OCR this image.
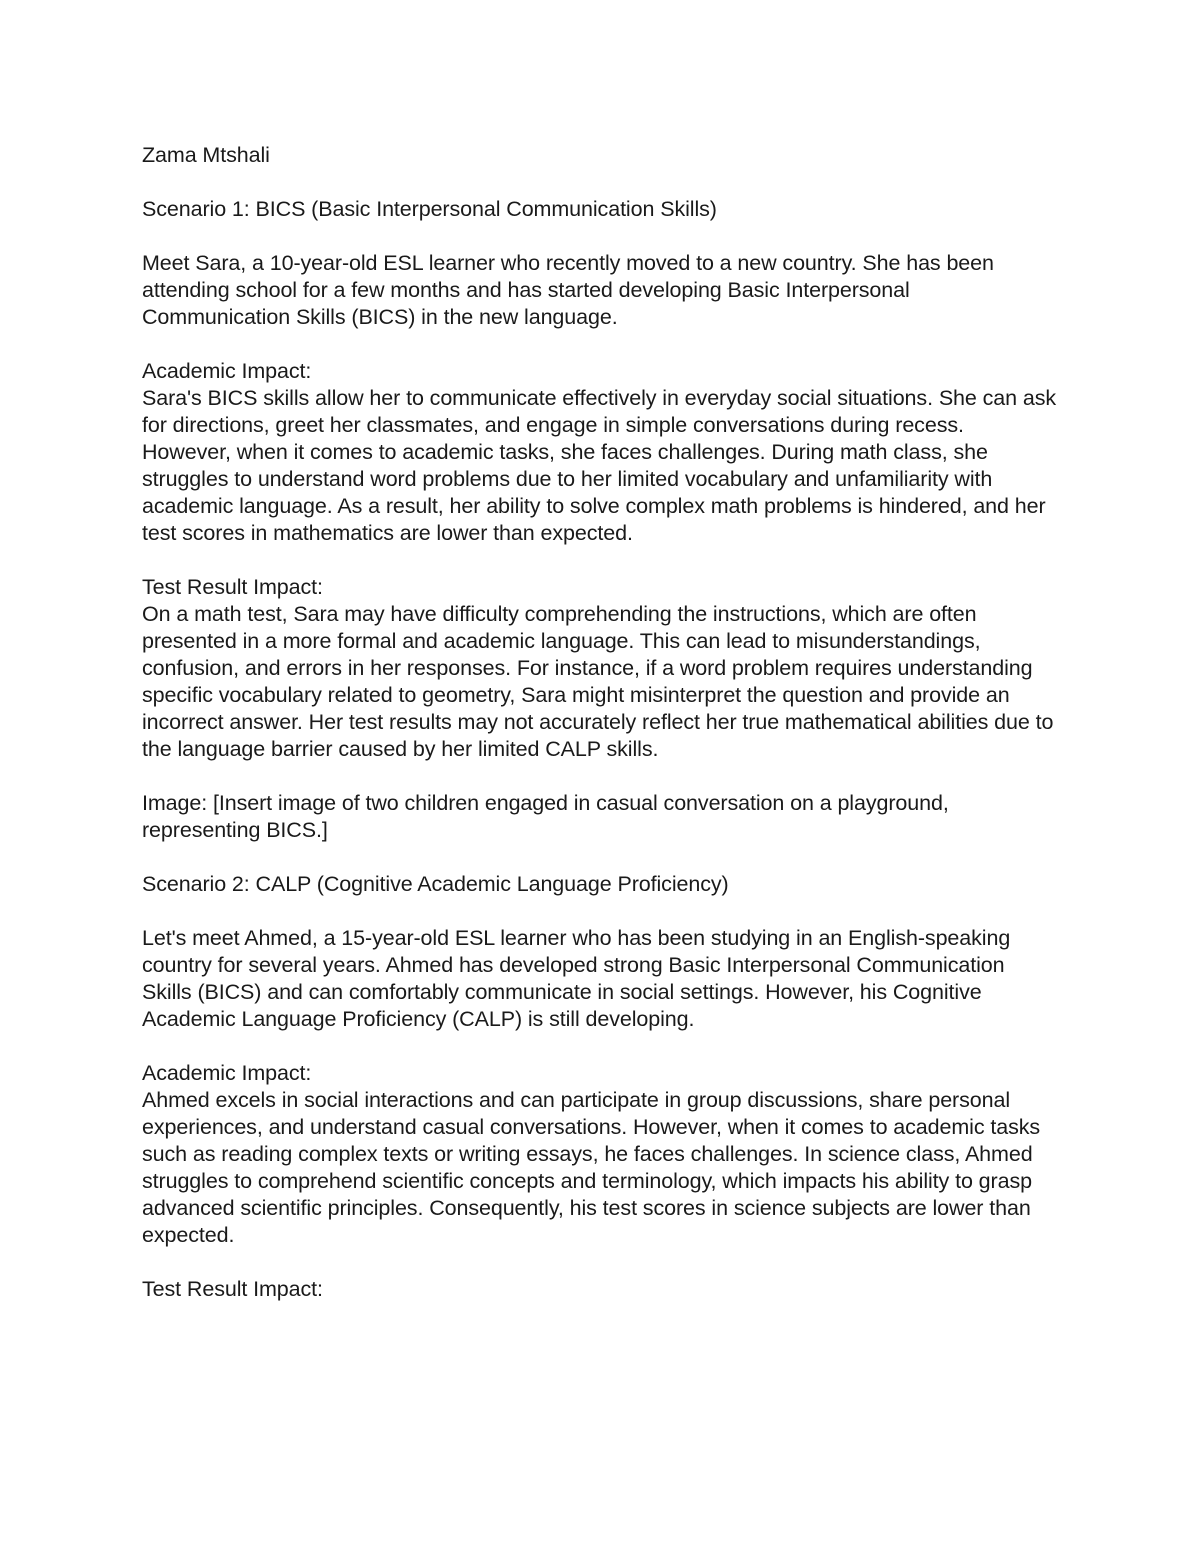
Zama Mtshali

Scenario 1: BICS (Basic Interpersonal Communication Skills)

Meet Sara, a 10-year-old ESL learner who recently moved to a new country. She has been attending school for a few months and has started developing Basic Interpersonal Communication Skills (BICS) in the new language.

Academic Impact:
Sara's BICS skills allow her to communicate effectively in everyday social situations. She can ask for directions, greet her classmates, and engage in simple conversations during recess. However, when it comes to academic tasks, she faces challenges. During math class, she struggles to understand word problems due to her limited vocabulary and unfamiliarity with academic language. As a result, her ability to solve complex math problems is hindered, and her test scores in mathematics are lower than expected.
Test Result Impact:
On a math test, Sara may have difficulty comprehending the instructions, which are often presented in a more formal and academic language. This can lead to misunderstandings, confusion, and errors in her responses. For instance, if a word problem requires understanding specific vocabulary related to geometry, Sara might misinterpret the question and provide an incorrect answer. Her test results may not accurately reflect her true mathematical abilities due to the language barrier caused by her limited CALP skills.

Image: [Insert image of two children engaged in casual conversation on a playground, representing BICS.]

Scenario 2: CALP (Cognitive Academic Language Proficiency)

Let's meet Ahmed, a 15-year-old ESL learner who has been studying in an English-speaking country for several years. Ahmed has developed strong Basic Interpersonal Communication Skills (BICS) and can comfortably communicate in social settings. However, his Cognitive Academic Language Proficiency (CALP) is still developing.

Academic Impact:
Ahmed excels in social interactions and can participate in group discussions, share personal experiences, and understand casual conversations. However, when it comes to academic tasks such as reading complex texts or writing essays, he faces challenges. In science class, Ahmed struggles to comprehend scientific concepts and terminology, which impacts his ability to grasp advanced scientific principles. Consequently, his test scores in science subjects are lower than expected.

Test Result Impact:
